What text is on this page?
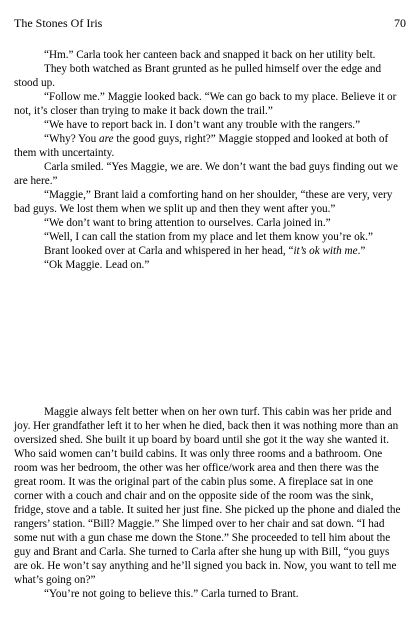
The Stones Of Iris	70

“Hm.” Carla took her canteen back and snapped it back on her utility belt.

They both watched as Brant grunted as he pulled himself over the edge and stood up.

“Follow me.” Maggie looked back. “We can go back to my place. Believe it or not, it’s closer than trying to make it back down the trail.”

“We have to report back in. I don’t want any trouble with the rangers.”

“Why? You are the good guys, right?” Maggie stopped and looked at both of them with uncertainty.

Carla smiled. “Yes Maggie, we are. We don’t want the bad guys finding out we are here.”

“Maggie,” Brant laid a comforting hand on her shoulder, “these are very, very bad guys. We lost them when we split up and then they went after you.”

“We don’t want to bring attention to ourselves. Carla joined in.”

“Well, I can call the station from my place and let them know you’re ok.”

Brant looked over at Carla and whispered in her head, “it’s ok with me.”

“Ok Maggie. Lead on.”

Maggie always felt better when on her own turf. This cabin was her pride and joy. Her grandfather left it to her when he died, back then it was nothing more than an oversized shed. She built it up board by board until she got it the way she wanted it. Who said women can’t build cabins. It was only three rooms and a bathroom. One room was her bedroom, the other was her office/work area and then there was the great room. It was the original part of the cabin plus some. A fireplace sat in one corner with a couch and chair and on the opposite side of the room was the sink, fridge, stove and a table. It suited her just fine. She picked up the phone and dialed the rangers’ station. “Bill? Maggie.” She limped over to her chair and sat down. “I had some nut with a gun chase me down the Stone.” She proceeded to tell him about the guy and Brant and Carla. She turned to Carla after she hung up with Bill, “you guys are ok. He won’t say anything and he’ll signed you back in. Now, you want to tell me what’s going on?”

“You’re not going to believe this.” Carla turned to Brant.
